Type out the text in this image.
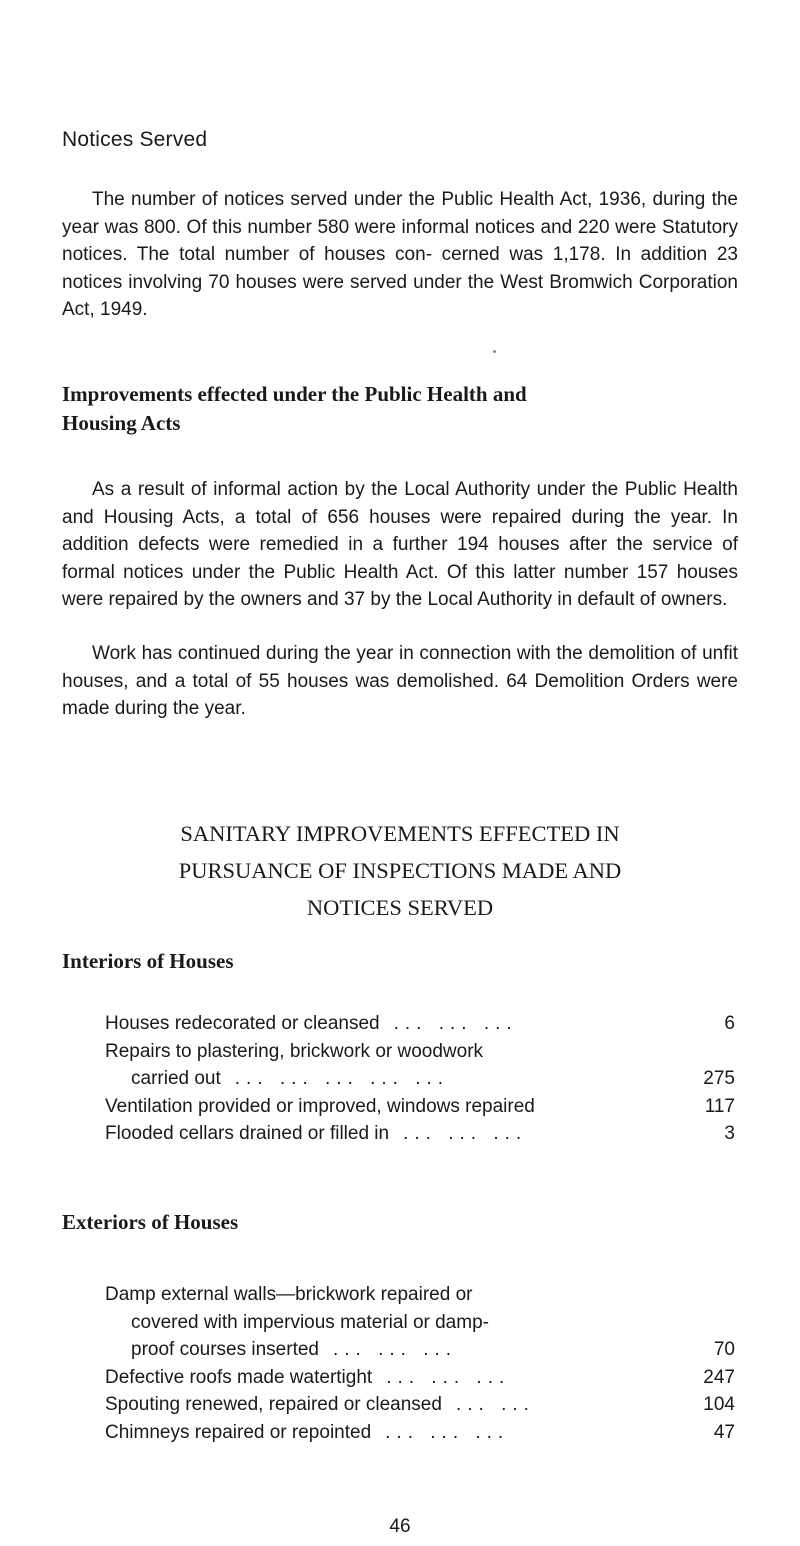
Notices Served

The number of notices served under the Public Health Act, 1936, during the year was 800. Of this number 580 were informal notices and 220 were Statutory notices. The total number of houses con- cerned was 1,178. In addition 23 notices involving 70 houses were served under the West Bromwich Corporation Act, 1949.

Improvements effected under the Public Health and
Housing Acts

As a result of informal action by the Local Authority under the Public Health and Housing Acts, a total of 656 houses were repaired during the year. In addition defects were remedied in a further 194 houses after the service of formal notices under the Public Health Act. Of this latter number 157 houses were repaired by the owners and 37 by the Local Authority in default of owners.

Work has continued during the year in connection with the demolition of unfit houses, and a total of 55 houses was demolished. 64 Demolition Orders were made during the year.

SANITARY IMPROVEMENTS EFFECTED IN
PURSUANCE OF INSPECTIONS MADE AND
NOTICES SERVED
Interiors of Houses
Houses redecorated or cleansed ... ... ...	6
Repairs to plastering, brickwork or woodwork
carried out ... ... ... ... ...	275
Ventilation provided or improved, windows repaired	117
Flooded cellars drained or filled in ... ... ...	3
Exteriors of Houses
Damp external walls—brickwork repaired or
covered with impervious material or damp-
proof courses inserted ... ... ...	70
Defective roofs made watertight ... ... ...	247
Spouting renewed, repaired or cleansed ... ...	104
Chimneys repaired or repointed ... ... ...	47
46
